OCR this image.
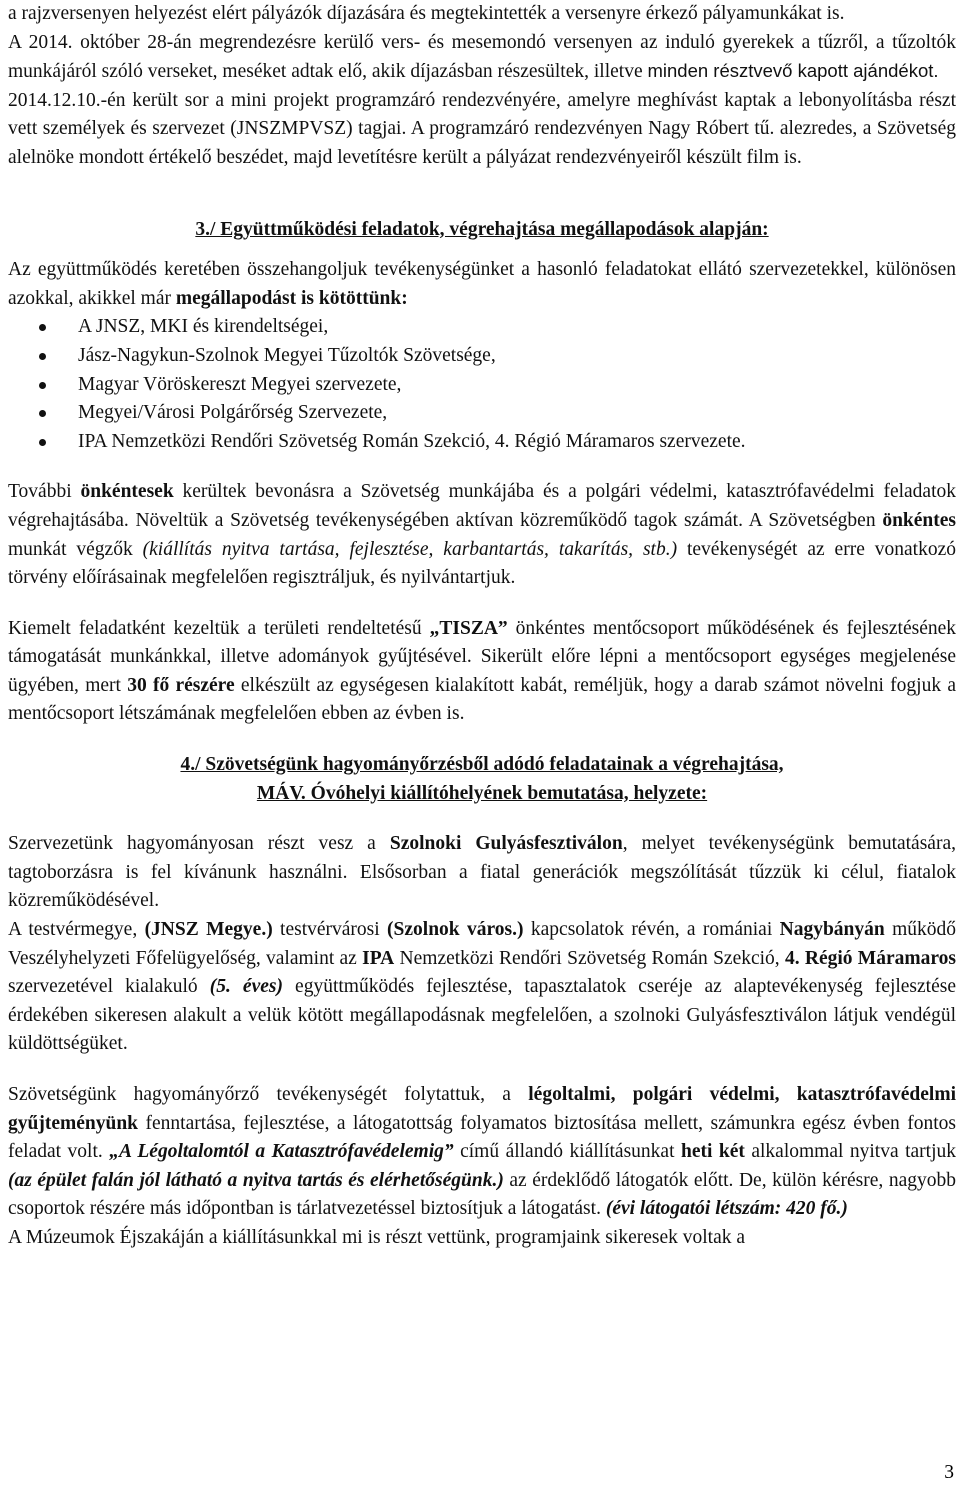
a rajzversenyen helyezést elért pályázók díjazására és megtekintették a versenyre érkező pályamunkákat is.
A 2014. október 28-án megrendezésre kerülő vers- és mesemondó versenyen az induló gyerekek a tűzről, a tűzoltók munkájáról szóló verseket, meséket adtak elő, akik díjazásban részesültek, illetve minden résztvevő kapott ajándékot.
2014.12.10.-én került sor a mini projekt programzáró rendezvényére, amelyre meghívást kaptak a lebonyolításba részt vett személyek és szervezet (JNSZMPVSZ) tagjai. A programzáró rendezvényen Nagy Róbert tű. alezredes, a Szövetség alelnöke mondott értékelő beszédet, majd levetítésre került a pályázat rendezvényeiről készült film is.

3./ Együttműködési feladatok, végrehajtása megállapodások alapján:

Az együttműködés keretében összehangoljuk tevékenységünket a hasonló feladatokat ellátó szervezetekkel, különösen azokkal, akikkel már megállapodást is kötöttünk:

A JNSZ, MKI és kirendeltségei,
Jász-Nagykun-Szolnok Megyei Tűzoltók Szövetsége,
Magyar Vöröskereszt Megyei szervezete,
Megyei/Városi Polgárőrség Szervezete,
IPA Nemzetközi Rendőri Szövetség Román Szekció, 4. Régió Máramaros szervezete.

További önkéntesek kerültek bevonásra a Szövetség munkájába és a polgári védelmi, katasztrófavédelmi feladatok végrehajtásába. Növeltük a Szövetség tevékenységében aktívan közreműködő tagok számát. A Szövetségben önkéntes munkát végzők (kiállítás nyitva tartása, fejlesztése, karbantartás, takarítás, stb.) tevékenységét az erre vonatkozó törvény előírásainak megfelelően regisztráljuk, és nyilvántartjuk.

Kiemelt feladatként kezeltük a területi rendeltetésű „TISZA” önkéntes mentőcsoport működésének és fejlesztésének támogatását munkánkkal, illetve adományok gyűjtésével. Sikerült előre lépni a mentőcsoport egységes megjelenése ügyében, mert 30 fő részére elkészült az egységesen kialakított kabát, reméljük, hogy a darab számot növelni fogjuk a mentőcsoport létszámának megfelelően ebben az évben is.

4./ Szövetségünk hagyományőrzésből adódó feladatainak a végrehajtása,
MÁV. Óvóhelyi kiállítóhelyének bemutatása, helyzete:

Szervezetünk hagyományosan részt vesz a Szolnoki Gulyásfesztiválon, melyet tevékenységünk bemutatására, tagtoborzásra is fel kívánunk használni. Elsősorban a fiatal generációk megszólítását tűzzük ki célul, fiatalok közreműködésével.

A testvérmegye, (JNSZ Megye.) testvérvárosi (Szolnok város.) kapcsolatok révén, a romániai Nagybányán működő Veszélyhelyzeti Főfelügyelőség, valamint az IPA Nemzetközi Rendőri Szövetség Román Szekció, 4. Régió Máramaros szervezetével kialakuló (5. éves) együttműködés fejlesztése, tapasztalatok cseréje az alaptevékenység fejlesztése érdekében sikeresen alakult a velük kötött megállapodásnak megfelelően, a szolnoki Gulyásfesztiválon látjuk vendégül küldöttségüket.

Szövetségünk hagyományőrző tevékenységét folytattuk, a légoltalmi, polgári védelmi, katasztrófavédelmi gyűjteményünk fenntartása, fejlesztése, a látogatottság folyamatos biztosítása mellett, számunkra egész évben fontos feladat volt. „A Légoltalomtól a Katasztrófavédelemig” című állandó kiállításunkat heti két alkalommal nyitva tartjuk (az épület falán jól látható a nyitva tartás és elérhetőségünk.) az érdeklődő látogatók előtt. De, külön kérésre, nagyobb csoportok részére más időpontban is tárlatvezetéssel biztosítjuk a látogatást. (évi látogatói létszám: 420 fő.)

A Múzeumok Éjszakáján a kiállításunkkal mi is részt vettünk, programjaink sikeresek voltak a

3
